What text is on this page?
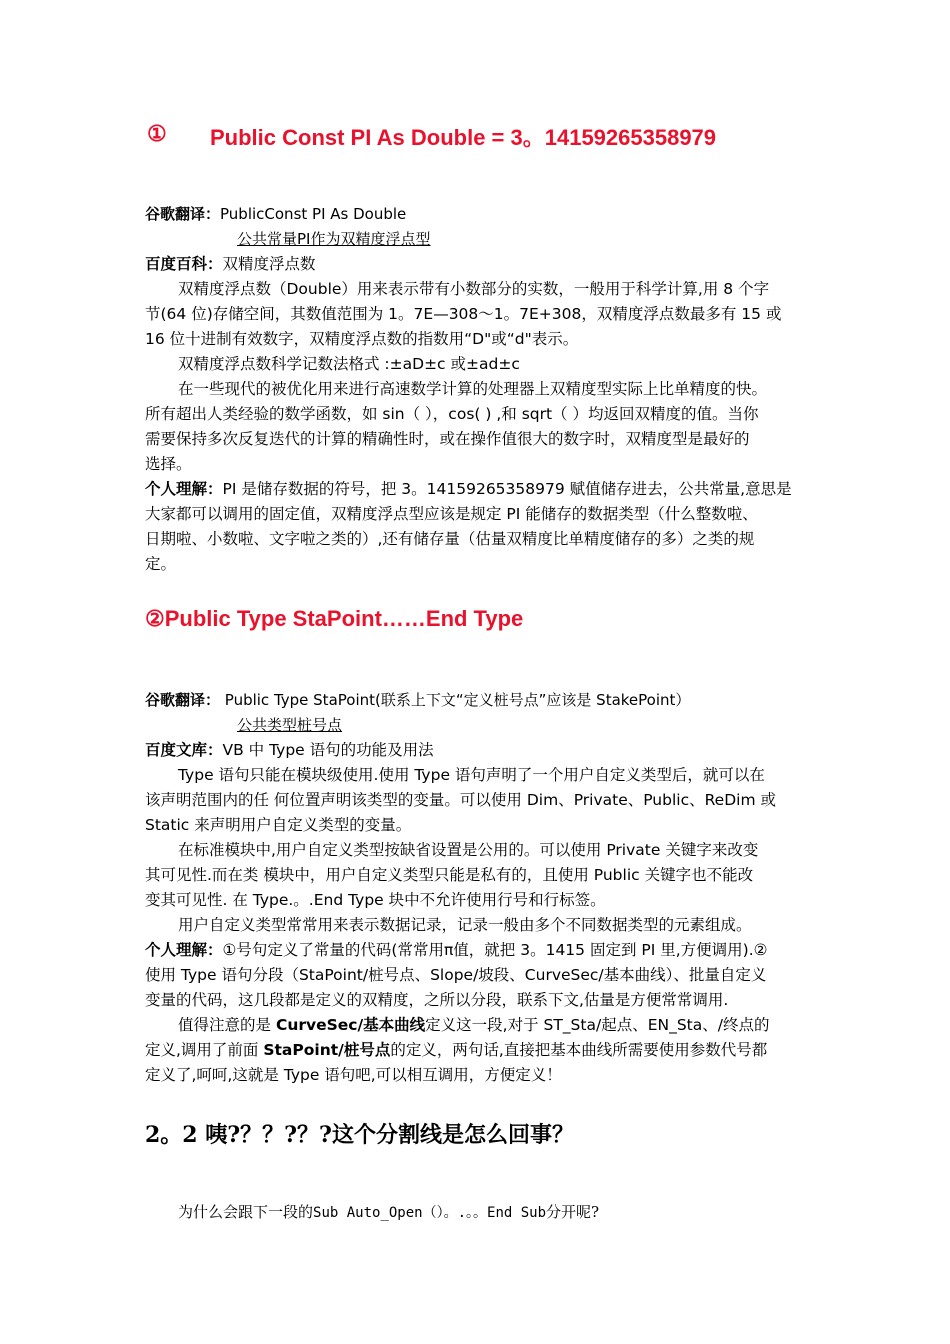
① Public Const PI As Double = 3。14159265358979
谷歌翻译：PublicConst PI As Double
公共常量PI作为双精度浮点型
百度百科：双精度浮点数
双精度浮点数（Double）用来表示带有小数部分的实数，一般用于科学计算,用 8 个字
节(64 位)存储空间，其数值范围为 1。7E—308～1。7E+308，双精度浮点数最多有 15 或
16 位十进制有效数字，双精度浮点数的指数用“D"或“d"表示。
双精度浮点数科学记数法格式 :±aD±c 或±ad±c
在一些现代的被优化用来进行高速数学计算的处理器上双精度型实际上比单精度的快。
所有超出人类经验的数学函数，如 sin（ ），cos( ) ,和 sqrt（ ）均返回双精度的值。当你
需要保持多次反复迭代的计算的精确性时，或在操作值很大的数字时，双精度型是最好的
选择。
个人理解：PI 是储存数据的符号，把 3。14159265358979 赋值储存进去，公共常量,意思是
大家都可以调用的固定值，双精度浮点型应该是规定 PI 能储存的数据类型（什么整数啦、
日期啦、小数啦、文字啦之类的）,还有储存量（估量双精度比单精度储存的多）之类的规
定。
②Public Type StaPoint……End Type
谷歌翻译： Public Type StaPoint(联系上下文“定义桩号点”应该是 StakePoint）
公共类型桩号点
百度文库：VB 中 Type 语句的功能及用法
Type 语句只能在模块级使用.使用 Type 语句声明了一个用户自定义类型后，就可以在
该声明范围内的任 何位置声明该类型的变量。可以使用 Dim、Private、Public、ReDim 或
Static 来声明用户自定义类型的变量。
在标准模块中,用户自定义类型按缺省设置是公用的。可以使用 Private 关键字来改变
其可见性.而在类 模块中，用户自定义类型只能是私有的，且使用 Public 关键字也不能改
变其可见性. 在 Type.。.End Type 块中不允许使用行号和行标签。
用户自定义类型常常用来表示数据记录，记录一般由多个不同数据类型的元素组成。
个人理解：①号句定义了常量的代码(常常用π值，就把 3。1415 固定到 PI 里,方便调用).②
使用 Type 语句分段（StaPoint/桩号点、Slope/坡段、CurveSec/基本曲线）、批量自定义
变量的代码，这几段都是定义的双精度，之所以分段，联系下文,估量是方便常常调用.
值得注意的是 CurveSec/基本曲线定义这一段,对于 ST_Sta/起点、EN_Sta、/终点的
定义,调用了前面 StaPoint/桩号点的定义，两句话,直接把基本曲线所需要使用参数代号都
定义了,呵呵,这就是 Type 语句吧,可以相互调用，方便定义！
2。2 咦?？？?？?这个分割线是怎么回事？
为什么会跟下一段的Sub Auto_Open（）。.。。End Sub分开呢?
